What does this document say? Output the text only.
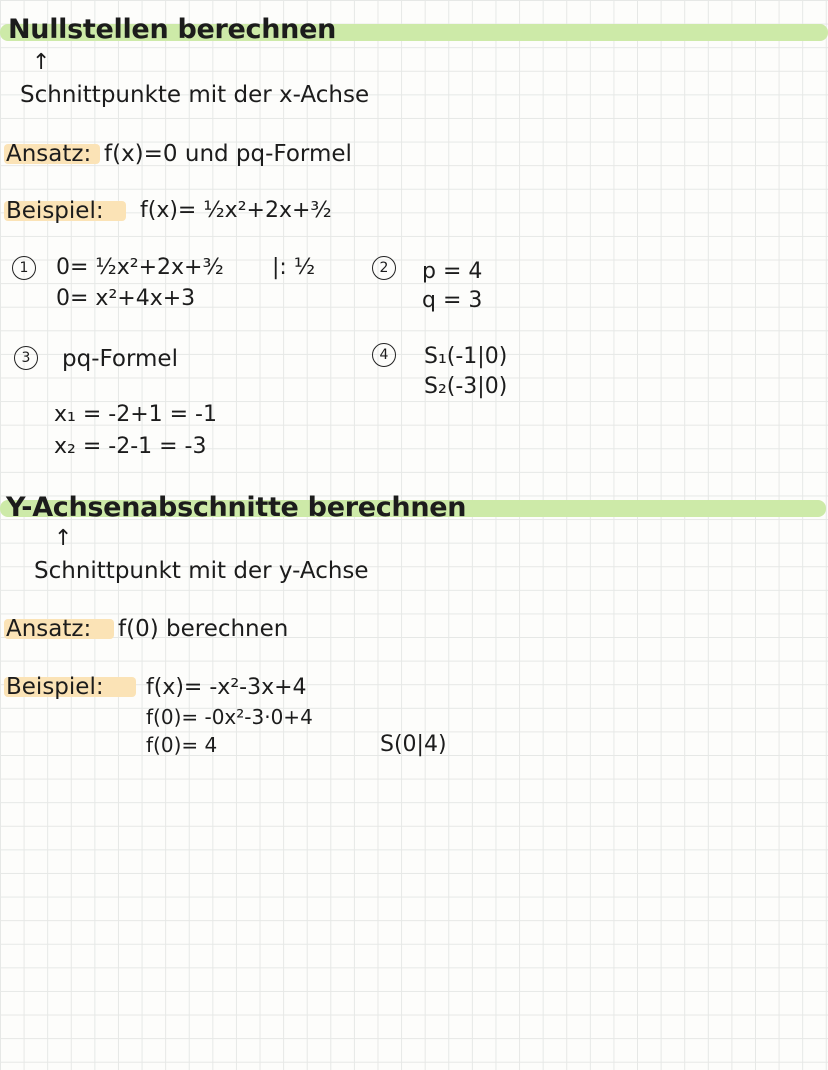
Nullstellen berechnen
↑
Schnittpunkte mit der x-Achse
Ansatz: f(x)=0 und pq-Formel
Beispiel: f(x)= ½x²+2x+³⁄₂
1	0= ½x²+2x+³⁄₂ |: ½
0= x²+4x+3
2	p = 4
q = 3
3	pq-Formel
x₁ = -2+1 = -1
x₂ = -2-1 = -3
4	S₁(-1|0)
S₂(-3|0)
Y-Achsenabschnitte berechnen
↑
Schnittpunkt mit der y-Achse
Ansatz: f(0) berechnen
Beispiel: f(x)= -x²-3x+4
f(0)= -0x²-3·0+4
f(0)= 4	S(0|4)
